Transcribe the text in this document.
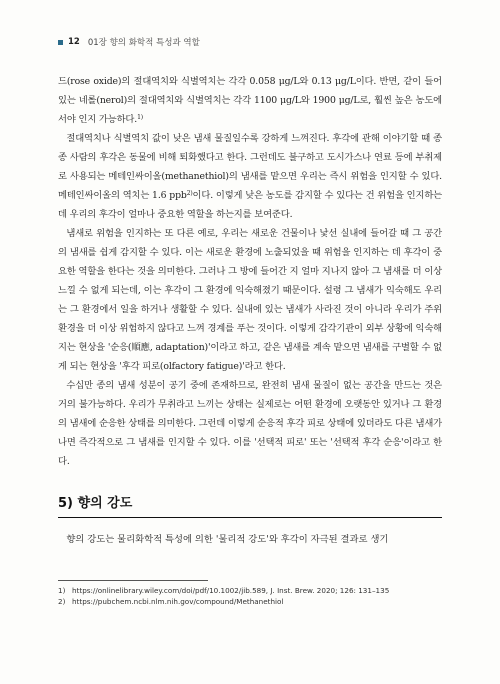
12 01장 향의 화학적 특성과 역할

드(rose oxide)의 절대역치와 식별역치는 각각 0.058 μg/L와 0.13 μg/L이다. 반면, 같이 들어있는 네롤(nerol)의 절대역치와 식별역치는 각각 1100 μg/L와 1900 μg/L로, 훨씬 높은 농도에서야 인지 가능하다.$^{1)}$

절대역치나 식별역치 값이 낮은 냄새 물질일수록 강하게 느껴진다. 후각에 관해 이야기할 때 종종 사람의 후각은 동물에 비해 퇴화했다고 한다. 그런데도 불구하고 도시가스나 연료 등에 부취제로 사용되는 메테인싸이올(methanethiol)의 냄새를 맡으면 우리는 즉시 위험을 인지할 수 있다. 메테인싸이올의 역치는 1.6 ppb$^{2)}$이다. 이렇게 낮은 농도를 감지할 수 있다는 건 위험을 인지하는 데 우리의 후각이 얼마나 중요한 역할을 하는지를 보여준다.

냄새로 위험을 인지하는 또 다른 예로, 우리는 새로운 건물이나 낯선 실내에 들어갈 때 그 공간의 냄새를 쉽게 감지할 수 있다. 이는 새로운 환경에 노출되었을 때 위험을 인지하는 데 후각이 중요한 역할을 한다는 것을 의미한다. 그러나 그 방에 들어간 지 얼마 지나지 않아 그 냄새를 더 이상 느낄 수 없게 되는데, 이는 후각이 그 환경에 익숙해졌기 때문이다. 설령 그 냄새가 익숙해도 우리는 그 환경에서 일을 하거나 생활할 수 있다. 실내에 있는 냄새가 사라진 것이 아니라 우리가 주위 환경을 더 이상 위험하지 않다고 느껴 경계를 푸는 것이다. 이렇게 감각기관이 외부 상황에 익숙해지는 현상을 '순응(順應, adaptation)'이라고 하고, 같은 냄새를 계속 맡으면 냄새를 구별할 수 없게 되는 현상을 '후각 피로(olfactory fatigue)'라고 한다.

수십만 종의 냄새 성분이 공기 중에 존재하므로, 완전히 냄새 물질이 없는 공간을 만드는 것은 거의 불가능하다. 우리가 무취라고 느끼는 상태는 실제로는 어떤 환경에 오랫동안 있거나 그 환경의 냄새에 순응한 상태를 의미한다. 그런데 이렇게 순응적 후각 피로 상태에 있더라도 다른 냄새가 나면 즉각적으로 그 냄새를 인지할 수 있다. 이를 '선택적 피로' 또는 '선택적 후각 순응'이라고 한다.

5) 향의 강도

향의 강도는 물리화학적 특성에 의한 '물리적 강도'와 후각이 자극된 결과로 생기

1) https://onlinelibrary.wiley.com/doi/pdf/10.1002/jib.589, J. Inst. Brew. 2020; 126: 131–135
2) https://pubchem.ncbi.nlm.nih.gov/compound/Methanethiol
